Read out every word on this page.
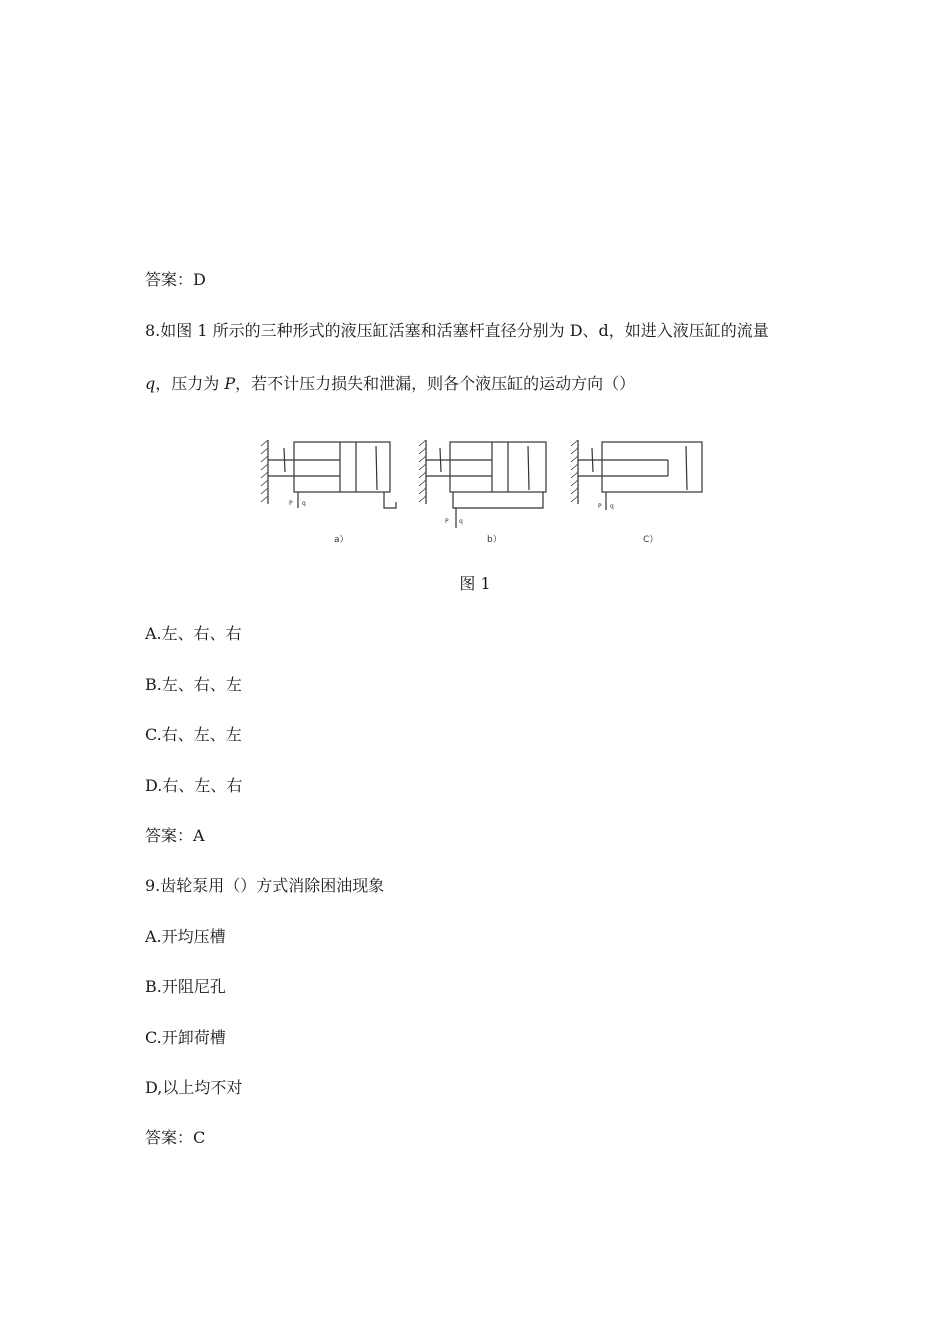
答案：D
8.如图 1 所示的三种形式的液压缸活塞和活塞杆直径分别为 D、d，如进入液压缸的流量
q，压力为 P，若不计压力损失和泄漏，则各个液压缸的运动方向（）
P q
P q
P q
a）	b）	C）
图 1
A.左、右、右
B.左、右、左
C.右、左、左
D.右、左、右
答案：A
9.齿轮泵用（）方式消除困油现象
A.开均压槽
B.开阻尼孔
C.开卸荷槽
D,以上均不对
答案：C
